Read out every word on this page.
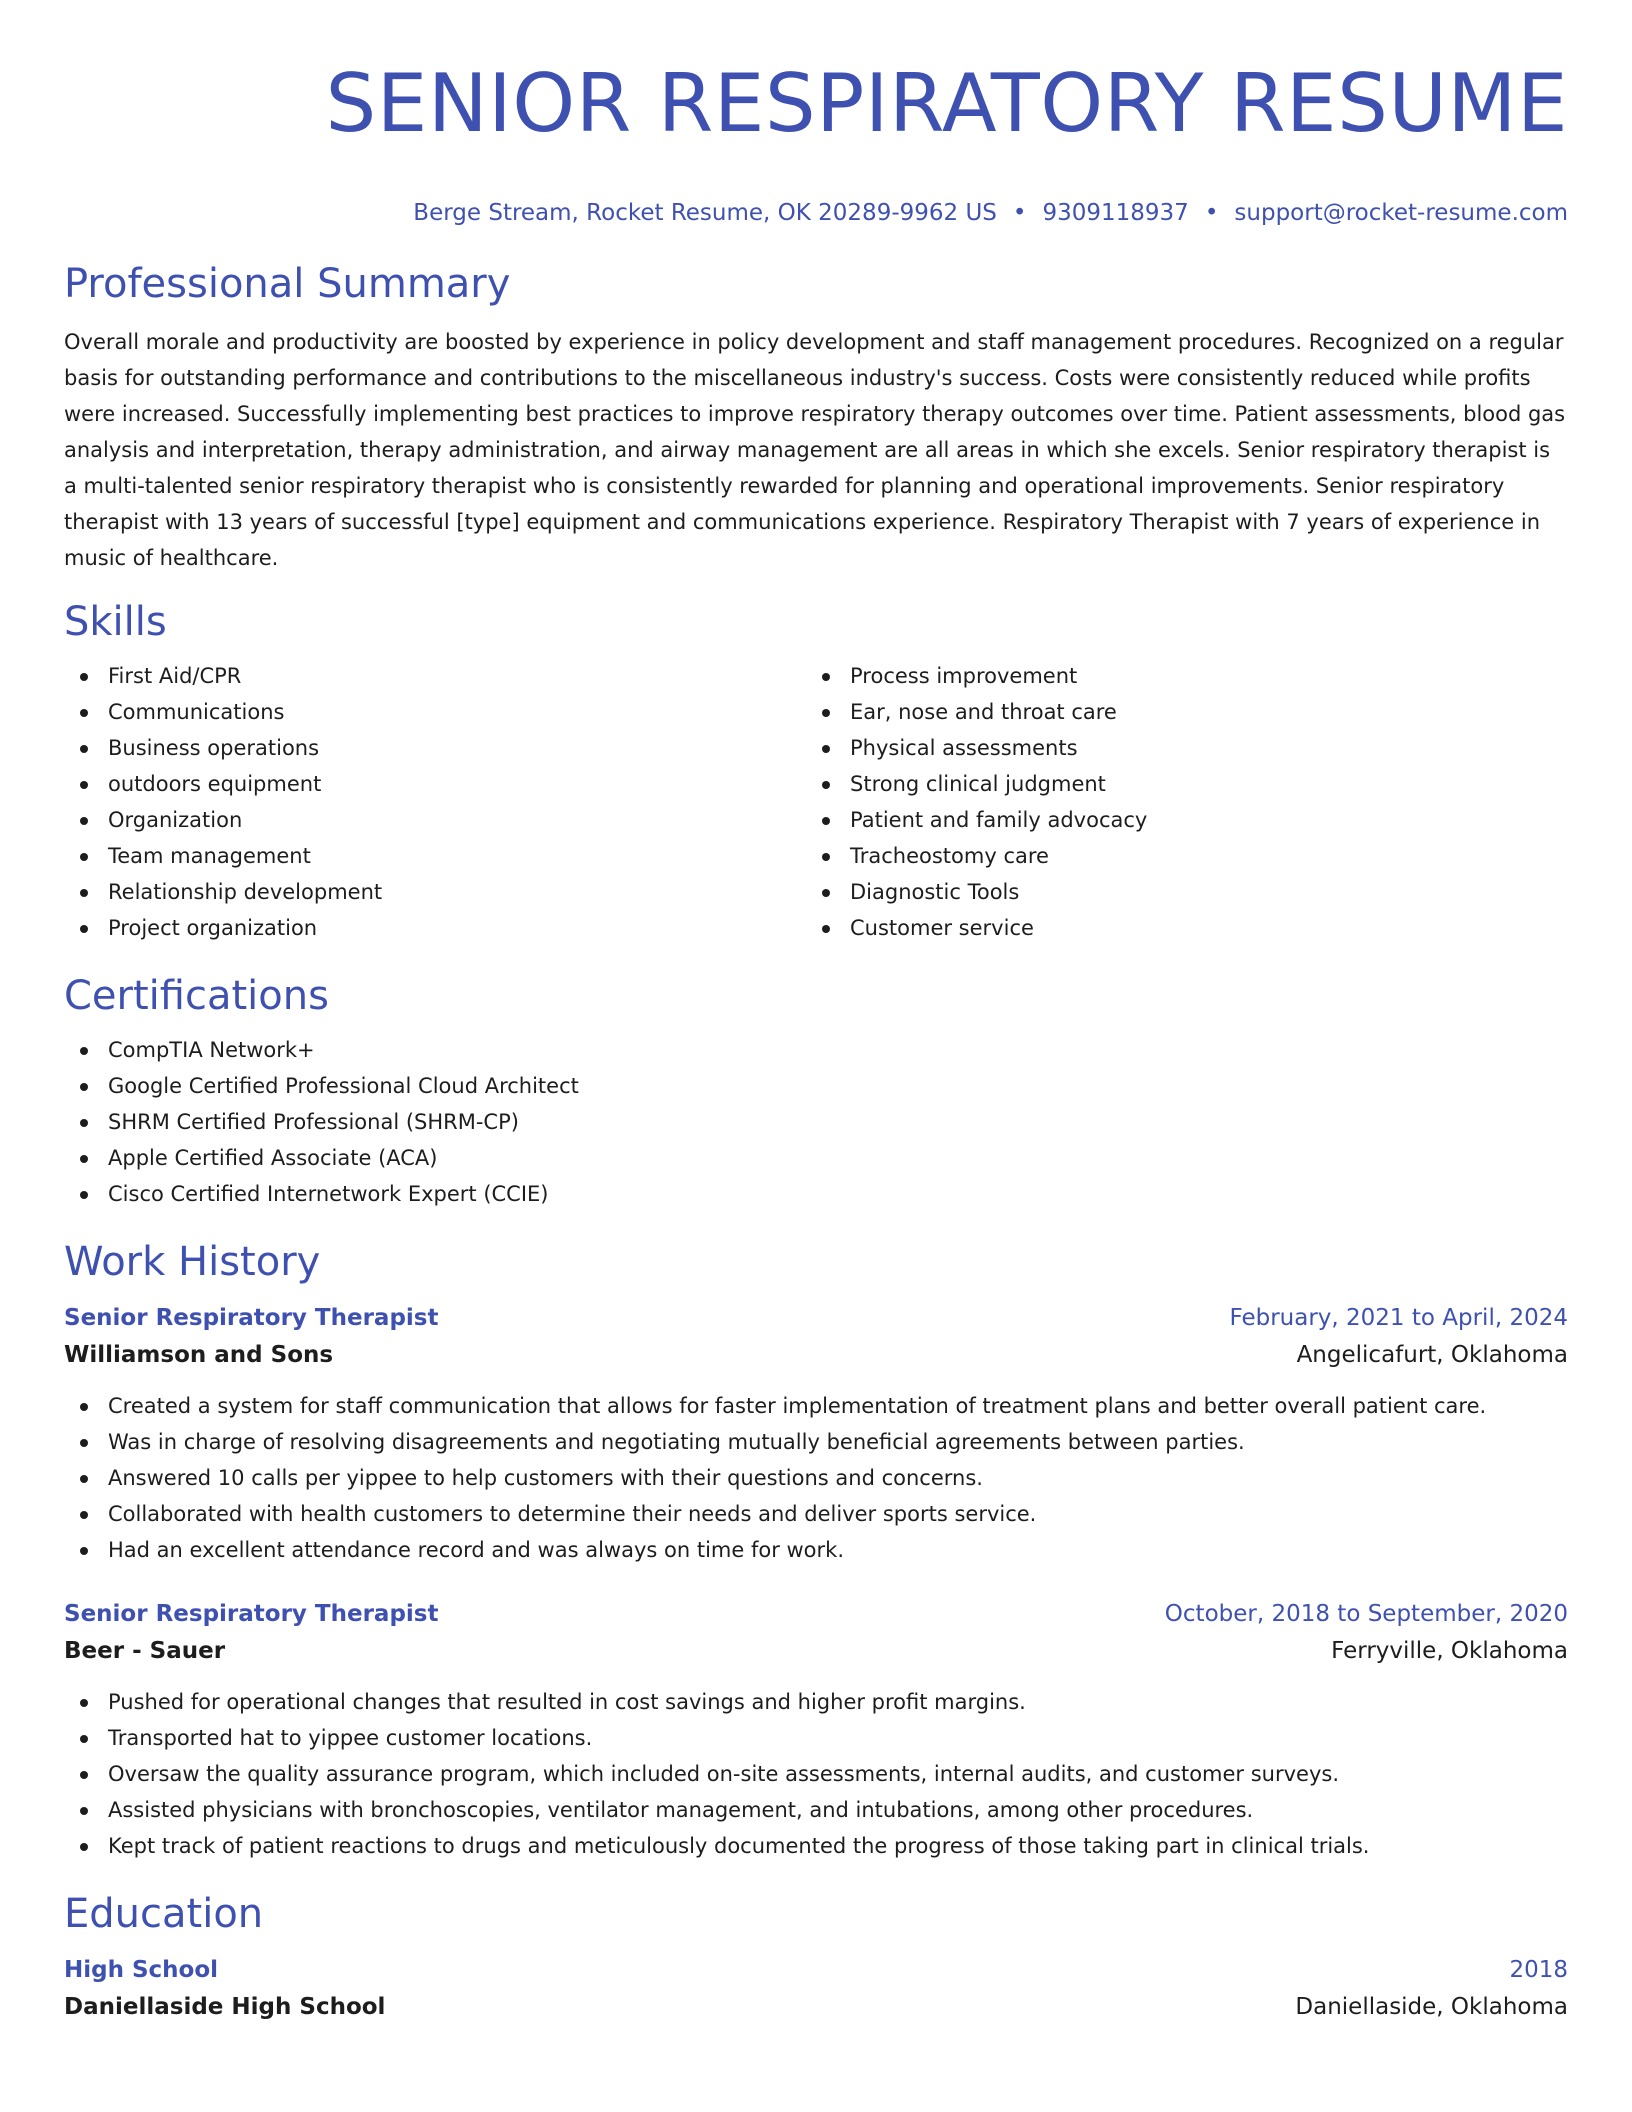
SENIOR RESPIRATORY RESUME
Berge Stream, Rocket Resume, OK 20289-9962 US • 9309118937 • support@rocket-resume.com
Professional Summary

Overall morale and productivity are boosted by experience in policy development and staff management procedures. Recognized on a regular basis for outstanding performance and contributions to the miscellaneous industry's success. Costs were consistently reduced while profits were increased. Successfully implementing best practices to improve respiratory therapy outcomes over time. Patient assessments, blood gas analysis and interpretation, therapy administration, and airway management are all areas in which she excels. Senior respiratory therapist is a multi-talented senior respiratory therapist who is consistently rewarded for planning and operational improvements. Senior respiratory therapist with 13 years of successful [type] equipment and communications experience. Respiratory Therapist with 7 years of experience in music of healthcare.

Skills
First Aid/CPR
Communications
Business operations
outdoors equipment
Organization
Team management
Relationship development
Project organization
Process improvement
Ear, nose and throat care
Physical assessments
Strong clinical judgment
Patient and family advocacy
Tracheostomy care
Diagnostic Tools
Customer service
Certifications
CompTIA Network+
Google Certified Professional Cloud Architect
SHRM Certified Professional (SHRM-CP)
Apple Certified Associate (ACA)
Cisco Certified Internetwork Expert (CCIE)
Work History
Senior Respiratory Therapist	February, 2021 to April, 2024
Williamson and Sons	Angelicafurt, Oklahoma
Created a system for staff communication that allows for faster implementation of treatment plans and better overall patient care.
Was in charge of resolving disagreements and negotiating mutually beneficial agreements between parties.
Answered 10 calls per yippee to help customers with their questions and concerns.
Collaborated with health customers to determine their needs and deliver sports service.
Had an excellent attendance record and was always on time for work.
Senior Respiratory Therapist	October, 2018 to September, 2020
Beer - Sauer	Ferryville, Oklahoma
Pushed for operational changes that resulted in cost savings and higher profit margins.
Transported hat to yippee customer locations.
Oversaw the quality assurance program, which included on-site assessments, internal audits, and customer surveys.
Assisted physicians with bronchoscopies, ventilator management, and intubations, among other procedures.
Kept track of patient reactions to drugs and meticulously documented the progress of those taking part in clinical trials.
Education
High School	2018
Daniellaside High School	Daniellaside, Oklahoma
